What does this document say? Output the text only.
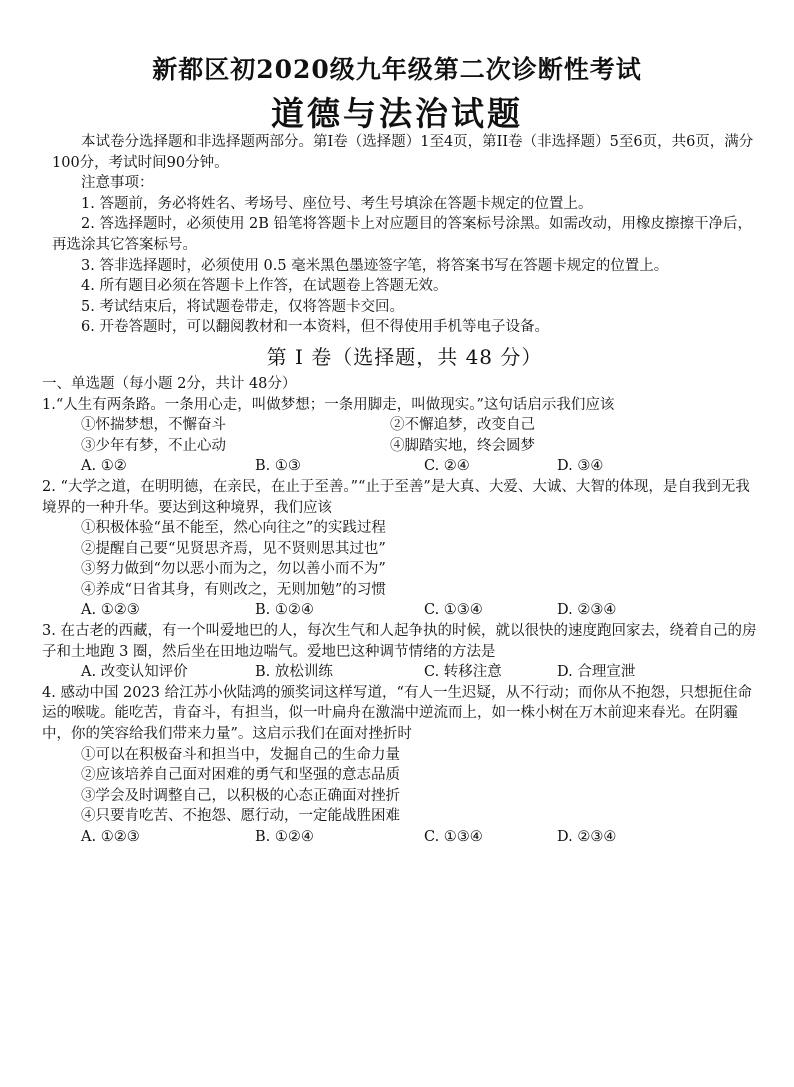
新都区初2020级九年级第二次诊断性考试
道德与法治试题

本试卷分选择题和非选择题两部分。第I卷（选择题）1至4页，第II卷（非选择题）5至6页，共6页，满分100分，考试时间90分钟。

注意事项：

1. 答题前，务必将姓名、考场号、座位号、考生号填涂在答题卡规定的位置上。

2. 答选择题时，必须使用 2B 铅笔将答题卡上对应题目的答案标号涂黑。如需改动，用橡皮擦擦干净后，再选涂其它答案标号。

3. 答非选择题时，必须使用 0.5 毫米黑色墨迹签字笔，将答案书写在答题卡规定的位置上。

4. 所有题目必须在答题卡上作答，在试题卷上答题无效。

5. 考试结束后，将试题卷带走，仅将答题卡交回。

6. 开卷答题时，可以翻阅教材和一本资料，但不得使用手机等电子设备。

第 I 卷（选择题，共 48 分）

一、单选题（每小题 2分，共计 48分）

1.“人生有两条路。一条用心走，叫做梦想；一条用脚走，叫做现实。”这句话启示我们应该

①怀揣梦想，不懈奋斗	②不懈追梦，改变自己
③少年有梦，不止心动	④脚踏实地，终会圆梦
A. ①②	B. ①③	C. ②④	D. ③④

2. “大学之道，在明明德，在亲民，在止于至善。”“止于至善”是大真、大爱、大诚、大智的体现，是自我到无我境界的一种升华。要达到这种境界，我们应该

①积极体验“虽不能至，然心向往之”的实践过程

②提醒自己要“见贤思齐焉，见不贤则思其过也”

③努力做到“勿以恶小而为之，勿以善小而不为”

④养成“日省其身，有则改之，无则加勉”的习惯

A. ①②③	B. ①②④	C. ①③④	D. ②③④

3. 在古老的西藏，有一个叫爱地巴的人，每次生气和人起争执的时候，就以很快的速度跑回家去，绕着自己的房子和土地跑 3 圈，然后坐在田地边喘气。爱地巴这种调节情绪的方法是

A. 改变认知评价	B. 放松训练	C. 转移注意	D. 合理宣泄

4. 感动中国 2023 给江苏小伙陆鸿的颁奖词这样写道，“有人一生迟疑，从不行动；而你从不抱怨，只想扼住命运的喉咙。能吃苦，肯奋斗，有担当，似一叶扁舟在激湍中逆流而上，如一株小树在万木前迎来春光。在阴霾中，你的笑容给我们带来力量”。这启示我们在面对挫折时

①可以在积极奋斗和担当中，发掘自己的生命力量

②应该培养自己面对困难的勇气和坚强的意志品质

③学会及时调整自己，以积极的心态正确面对挫折

④只要肯吃苦、不抱怨、愿行动，一定能战胜困难

A. ①②③	B. ①②④	C. ①③④	D. ②③④
